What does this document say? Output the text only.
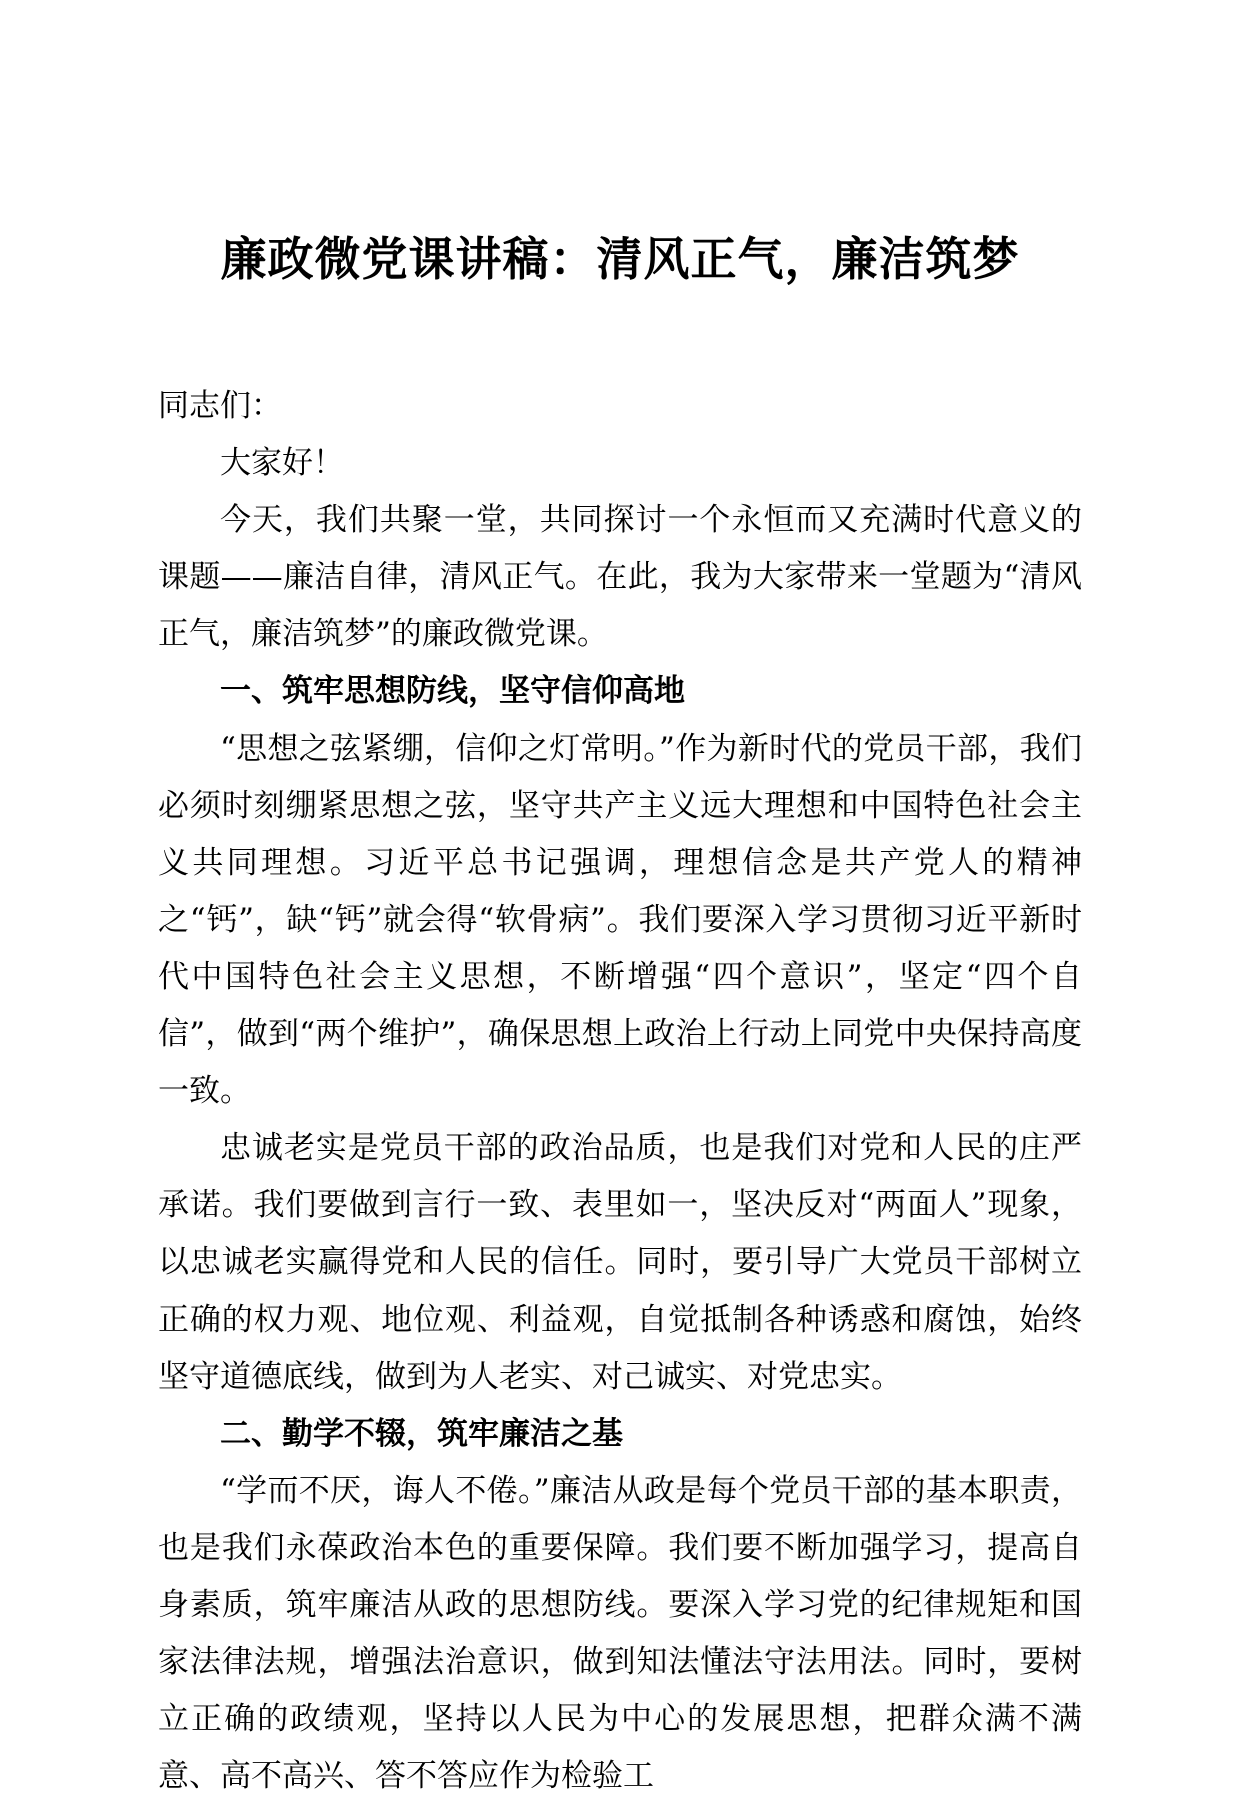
廉政微党课讲稿：清风正气，廉洁筑梦

同志们：

大家好！

今天，我们共聚一堂，共同探讨一个永恒而又充满时代意义的课题——廉洁自律，清风正气。在此，我为大家带来一堂题为“清风正气，廉洁筑梦”的廉政微党课。

一、筑牢思想防线，坚守信仰高地

“思想之弦紧绷，信仰之灯常明。”作为新时代的党员干部，我们必须时刻绷紧思想之弦，坚守共产主义远大理想和中国特色社会主义共同理想。习近平总书记强调，理想信念是共产党人的精神之“钙”，缺“钙”就会得“软骨病”。我们要深入学习贯彻习近平新时代中国特色社会主义思想，不断增强“四个意识”，坚定“四个自信”，做到“两个维护”，确保思想上政治上行动上同党中央保持高度一致。

忠诚老实是党员干部的政治品质，也是我们对党和人民的庄严承诺。我们要做到言行一致、表里如一，坚决反对“两面人”现象，以忠诚老实赢得党和人民的信任。同时，要引导广大党员干部树立正确的权力观、地位观、利益观，自觉抵制各种诱惑和腐蚀，始终坚守道德底线，做到为人老实、对己诚实、对党忠实。

二、勤学不辍，筑牢廉洁之基

“学而不厌，诲人不倦。”廉洁从政是每个党员干部的基本职责，也是我们永葆政治本色的重要保障。我们要不断加强学习，提高自身素质，筑牢廉洁从政的思想防线。要深入学习党的纪律规矩和国家法律法规，增强法治意识，做到知法懂法守法用法。同时，要树立正确的政绩观，坚持以人民为中心的发展思想，把群众满不满意、高不高兴、答不答应作为检验工
